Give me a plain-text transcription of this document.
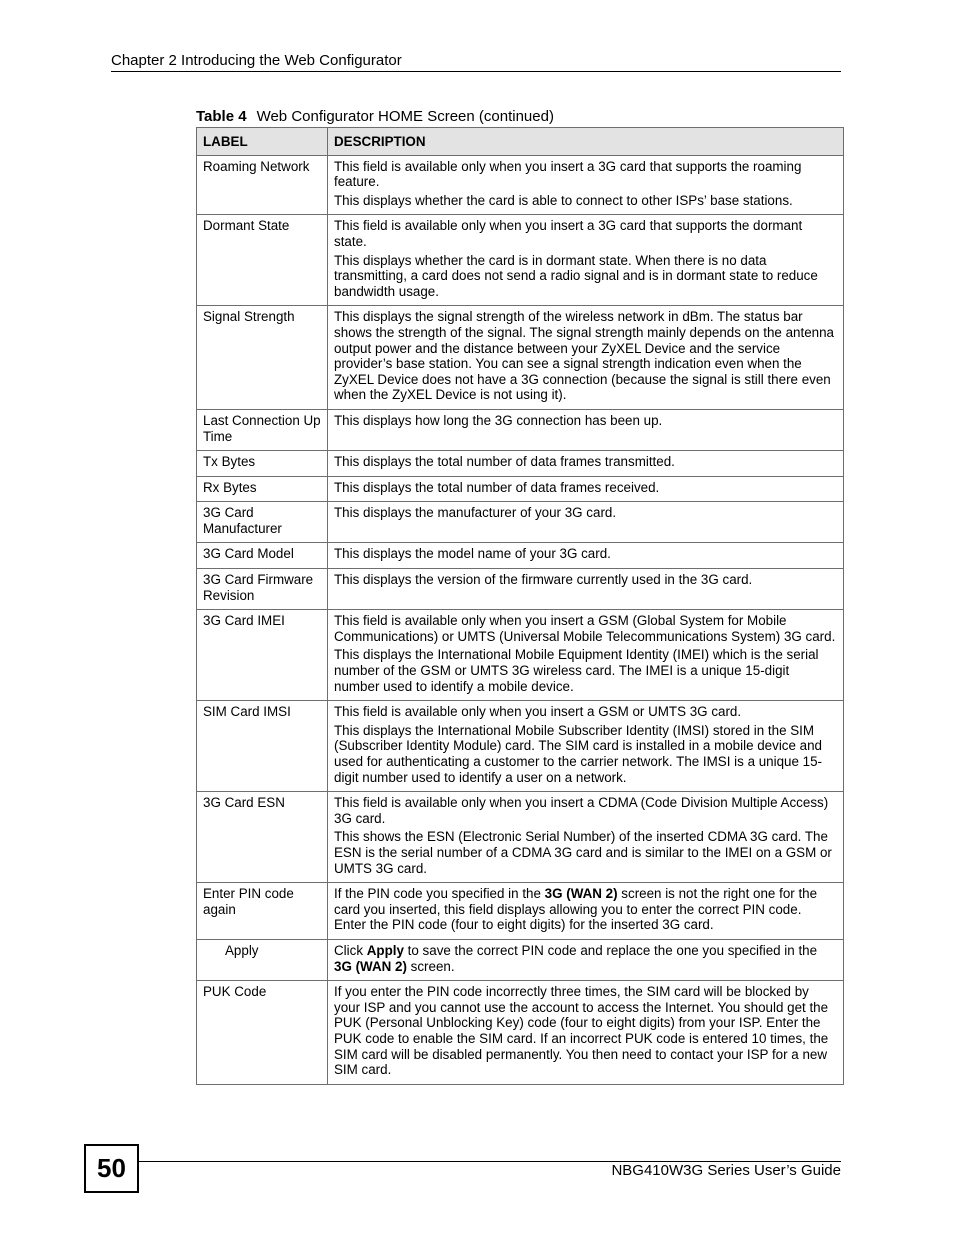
Chapter 2 Introducing the Web Configurator
Table 4 Web Configurator HOME Screen (continued)
LABEL	DESCRIPTION
Roaming Network	This field is available only when you insert a 3G card that supports the roaming feature.
This displays whether the card is able to connect to other ISPs’ base stations.

Dormant State	This field is available only when you insert a 3G card that supports the dormant state.
This displays whether the card is in dormant state. When there is no data transmitting, a card does not send a radio signal and is in dormant state to reduce bandwidth usage.

Signal Strength	This displays the signal strength of the wireless network in dBm. The status bar shows the strength of the signal. The signal strength mainly depends on the antenna output power and the distance between your ZyXEL Device and the service provider’s base station. You can see a signal strength indication even when the ZyXEL Device does not have a 3G connection (because the signal is still there even when the ZyXEL Device is not using it).

Last Connection Up Time	This displays how long the 3G connection has been up.

Tx Bytes	This displays the total number of data frames transmitted.

Rx Bytes	This displays the total number of data frames received.

3G Card Manufacturer	This displays the manufacturer of your 3G card.

3G Card Model	This displays the model name of your 3G card.

3G Card Firmware Revision	This displays the version of the firmware currently used in the 3G card.

3G Card IMEI	This field is available only when you insert a GSM (Global System for Mobile Communications) or UMTS (Universal Mobile Telecommunications System) 3G card.
This displays the International Mobile Equipment Identity (IMEI) which is the serial number of the GSM or UMTS 3G wireless card. The IMEI is a unique 15-digit number used to identify a mobile device.

SIM Card IMSI	This field is available only when you insert a GSM or UMTS 3G card.
This displays the International Mobile Subscriber Identity (IMSI) stored in the SIM (Subscriber Identity Module) card. The SIM card is installed in a mobile device and used for authenticating a customer to the carrier network. The IMSI is a unique 15-digit number used to identify a user on a network.

3G Card ESN	This field is available only when you insert a CDMA (Code Division Multiple Access) 3G card.
This shows the ESN (Electronic Serial Number) of the inserted CDMA 3G card. The ESN is the serial number of a CDMA 3G card and is similar to the IMEI on a GSM or UMTS 3G card.

Enter PIN code again	If the PIN code you specified in the 3G (WAN 2) screen is not the right one for the card you inserted, this field displays allowing you to enter the correct PIN code. Enter the PIN code (four to eight digits) for the inserted 3G card.

Apply	Click Apply to save the correct PIN code and replace the one you specified in the 3G (WAN 2) screen.

PUK Code	If you enter the PIN code incorrectly three times, the SIM card will be blocked by your ISP and you cannot use the account to access the Internet. You should get the PUK (Personal Unblocking Key) code (four to eight digits) from your ISP. Enter the PUK code to enable the SIM card. If an incorrect PUK code is entered 10 times, the SIM card will be disabled permanently. You then need to contact your ISP for a new SIM card.
50	NBG410W3G Series User’s Guide
